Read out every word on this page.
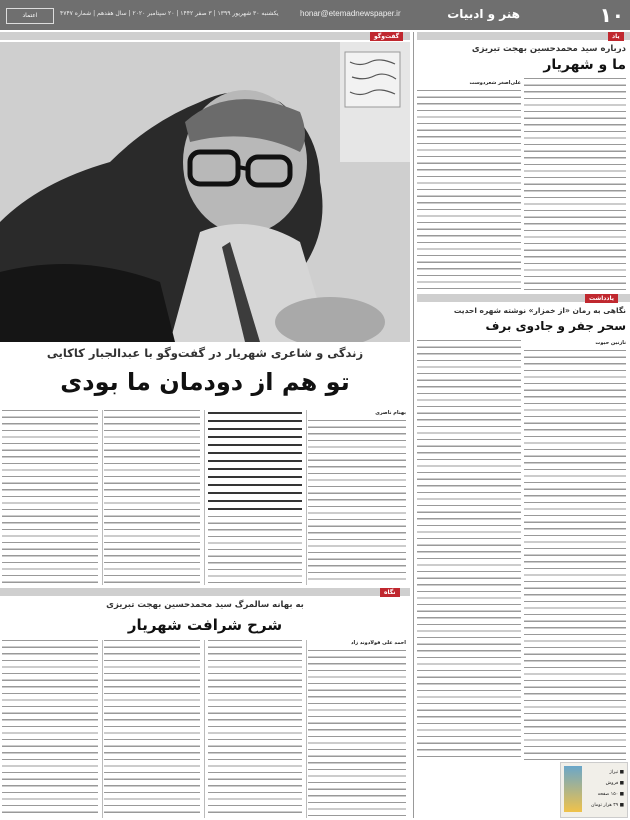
۱۰
هنر و ادبیات
honar@etemadnewspaper.ir
یکشنبه ۳۰ شهریور ۱۳۹۹ | ۳ صفر ۱۴۴۲ | ۲۰ سپتامبر ۲۰۲۰ | سال هفدهم | شماره ۴۷۴۷
اعتماد
گفت‌وگو
زندگی و شاعری شهریار در گفت‌وگو با عبدالجبار کاکایی
تو هم از دودمان ما بودی
بهنام ناصری
نگاه
به بهانه سالمرگ سید محمدحسین بهجت تبریزی
شرح شرافت شهریار
احمد علی فولادوند زاد
یاد
درباره سید محمدحسین بهجت تبریزی
ما و شهریار
علی‌اصغر شعردوست
یادداشت
نگاهی به رمان «از خمزار» نوشته شهره احدیت
سحر جفر و جادوی برف
نازنین حیوت
■ تیراژ
■ فروش
■ ۱۵۰ صفحه
■ ۳۹ هزار تومان
